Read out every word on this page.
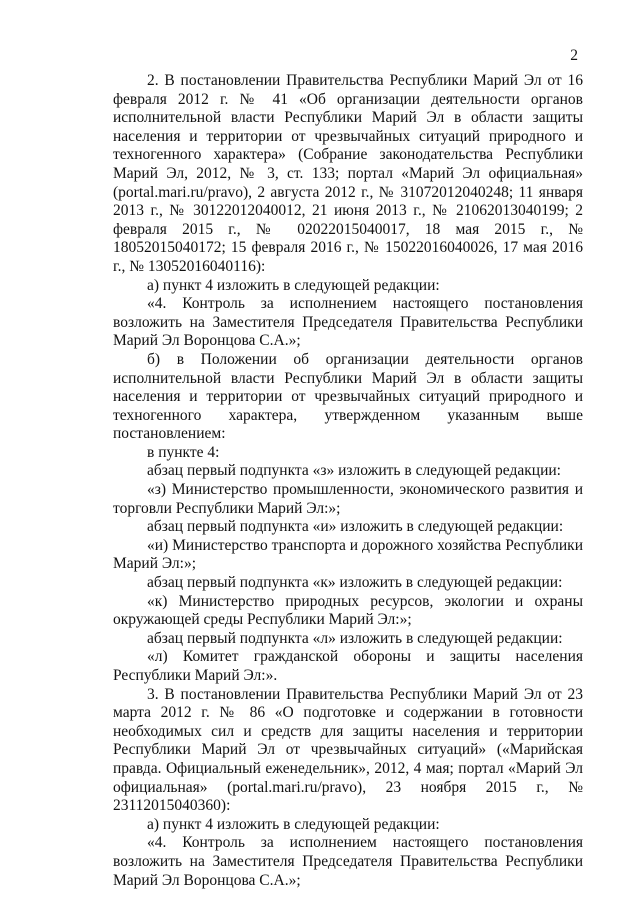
2

2. В постановлении Правительства Республики Марий Эл от 16 февраля 2012 г. № 41 «Об организации деятельности органов исполнительной власти Республики Марий Эл в области защиты населения и территории от чрезвычайных ситуаций природного и техногенного характера» (Собрание законодательства Республики Марий Эл, 2012, № 3, ст. 133; портал «Марий Эл официальная» (portal.mari.ru/pravo), 2 августа 2012 г., № 31072012040248; 11 января 2013 г., № 30122012040012, 21 июня 2013 г., № 21062013040199; 2 февраля 2015 г., № 02022015040017, 18 мая 2015 г., № 18052015040172; 15 февраля 2016 г., № 15022016040026, 17 мая 2016 г., № 13052016040116):

а) пункт 4 изложить в следующей редакции:

«4. Контроль за исполнением настоящего постановления возложить на Заместителя Председателя Правительства Республики Марий Эл Воронцова С.А.»;

б) в Положении об организации деятельности органов исполнительной власти Республики Марий Эл в области защиты населения и территории от чрезвычайных ситуаций природного и техногенного характера, утвержденном указанным выше постановлением:

в пункте 4:

абзац первый подпункта «з» изложить в следующей редакции:

«з) Министерство промышленности, экономического развития и торговли Республики Марий Эл:»;

абзац первый подпункта «и» изложить в следующей редакции:

«и) Министерство транспорта и дорожного хозяйства Республики Марий Эл:»;

абзац первый подпункта «к» изложить в следующей редакции:

«к) Министерство природных ресурсов, экологии и охраны окружающей среды Республики Марий Эл:»;

абзац первый подпункта «л» изложить в следующей редакции:

«л) Комитет гражданской обороны и защиты населения Республики Марий Эл:».

3. В постановлении Правительства Республики Марий Эл от 23 марта 2012 г. № 86 «О подготовке и содержании в готовности необходимых сил и средств для защиты населения и территории Республики Марий Эл от чрезвычайных ситуаций» («Марийская правда. Официальный еженедельник», 2012, 4 мая; портал «Марий Эл официальная» (portal.mari.ru/pravo), 23 ноября 2015 г., № 23112015040360):

а) пункт 4 изложить в следующей редакции:

«4. Контроль за исполнением настоящего постановления возложить на Заместителя Председателя Правительства Республики Марий Эл Воронцова С.А.»;
